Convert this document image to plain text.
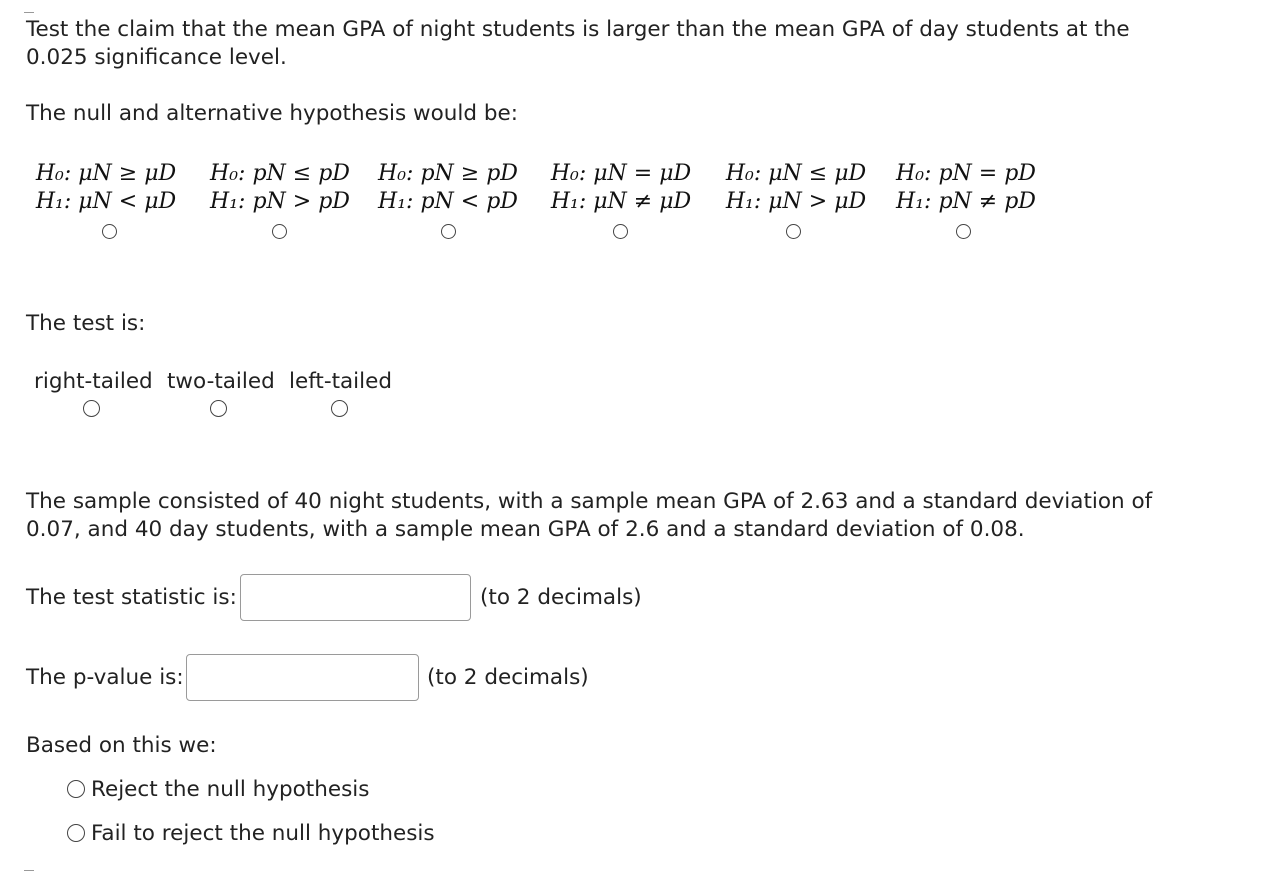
Test the claim that the mean GPA of night students is larger than the mean GPA of day students at the
0.025 significance level.
The null and alternative hypothesis would be:
H₀: μN ≥ μD
H₁: μN < μD
H₀: pN ≤ pD
H₁: pN > pD
H₀: pN ≥ pD
H₁: pN < pD
H₀: μN = μD
H₁: μN ≠ μD
H₀: μN ≤ μD
H₁: μN > μD
H₀: pN = pD
H₁: pN ≠ pD
The test is:
right-tailed two-tailed left-tailed
The sample consisted of 40 night students, with a sample mean GPA of 2.63 and a standard deviation of
0.07, and 40 day students, with a sample mean GPA of 2.6 and a standard deviation of 0.08.
The test statistic is:	(to 2 decimals)
The p-value is:	(to 2 decimals)
Based on this we:
Reject the null hypothesis
Fail to reject the null hypothesis
